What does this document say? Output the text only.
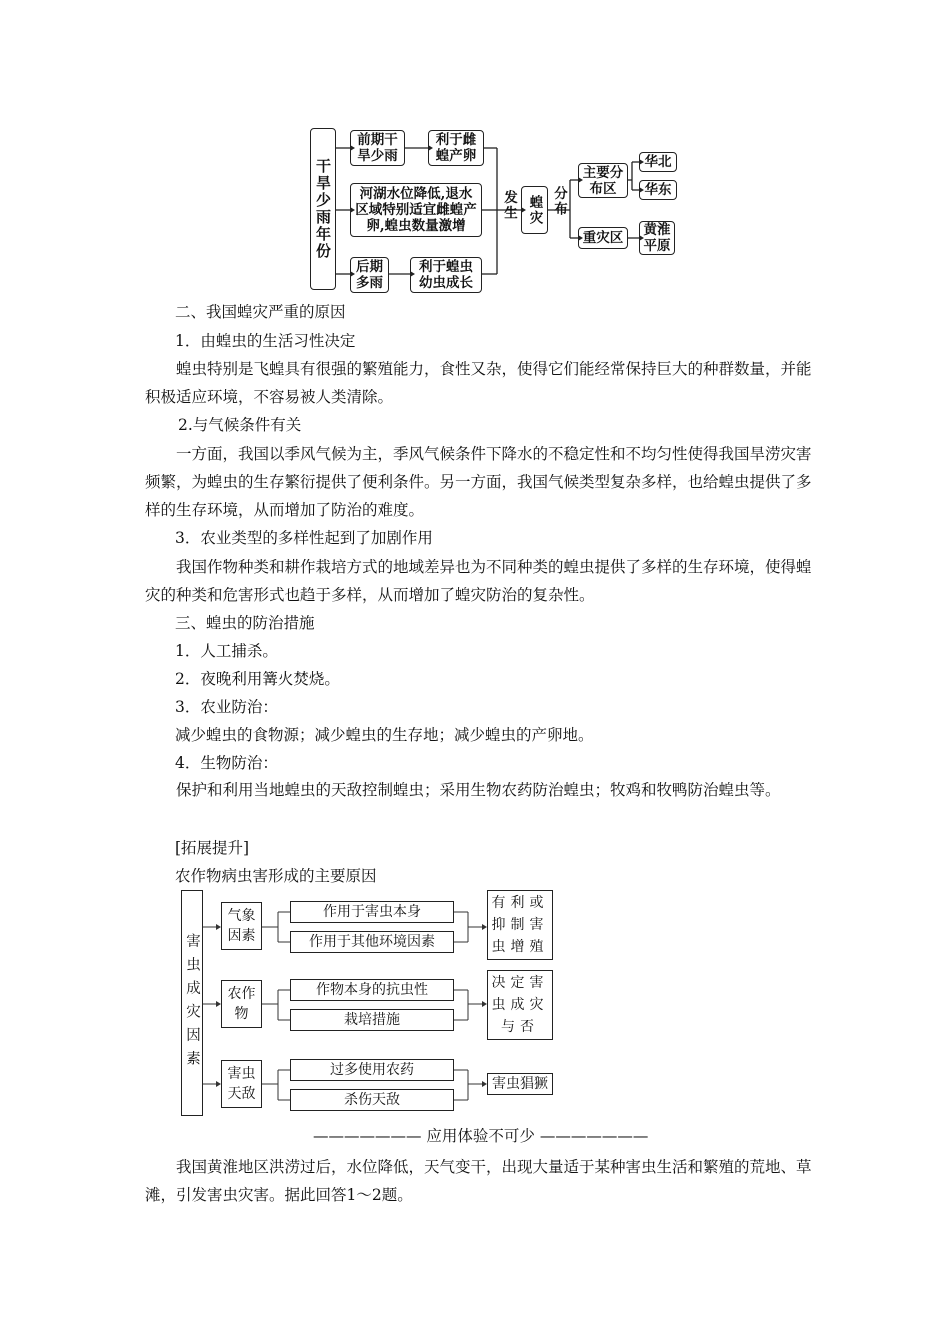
干旱少雨年份
前期干旱少雨
利于雌蝗产卵
河湖水位降低,退水区域特别适宜雌蝗产卵,蝗虫数量激增
后期多雨
利于蝗虫幼虫成长
发生 蝗灾 分布
主要分布区
华北
华东
重灾区	黄淮平原
二、我国蝗灾严重的原因
1．由蝗虫的生活习性决定
蝗虫特别是飞蝗具有很强的繁殖能力，食性又杂，使得它们能经常保持巨大的种群数量，并能积极适应环境，不容易被人类清除。
2.与气候条件有关
一方面，我国以季风气候为主，季风气候条件下降水的不稳定性和不均匀性使得我国旱涝灾害频繁，为蝗虫的生存繁衍提供了便利条件。另一方面，我国气候类型复杂多样，也给蝗虫提供了多样的生存环境，从而增加了防治的难度。
3．农业类型的多样性起到了加剧作用
我国作物种类和耕作栽培方式的地域差异也为不同种类的蝗虫提供了多样的生存环境，使得蝗灾的种类和危害形式也趋于多样，从而增加了蝗灾防治的复杂性。
三、蝗虫的防治措施
1．人工捕杀。
2．夜晚利用篝火焚烧。
3．农业防治：
减少蝗虫的食物源；减少蝗虫的生存地；减少蝗虫的产卵地。
4．生物防治：
保护和利用当地蝗虫的天敌控制蝗虫；采用生物农药防治蝗虫；牧鸡和牧鸭防治蝗虫等。
[拓展提升]
农作物病虫害形成的主要原因
害虫成灾因素
气象因素
作用于害虫本身
作用于其他环境因素
有利或抑制害虫增殖
农作物
作物本身的抗虫性
栽培措施
决定害虫成灾与否
害虫天敌
过多使用农药
杀伤天敌
害虫猖獗
——————— 应用体验不可少 ———————
我国黄淮地区洪涝过后，水位降低，天气变干，出现大量适于某种害虫生活和繁殖的荒地、草滩，引发害虫灾害。据此回答1～2题。
